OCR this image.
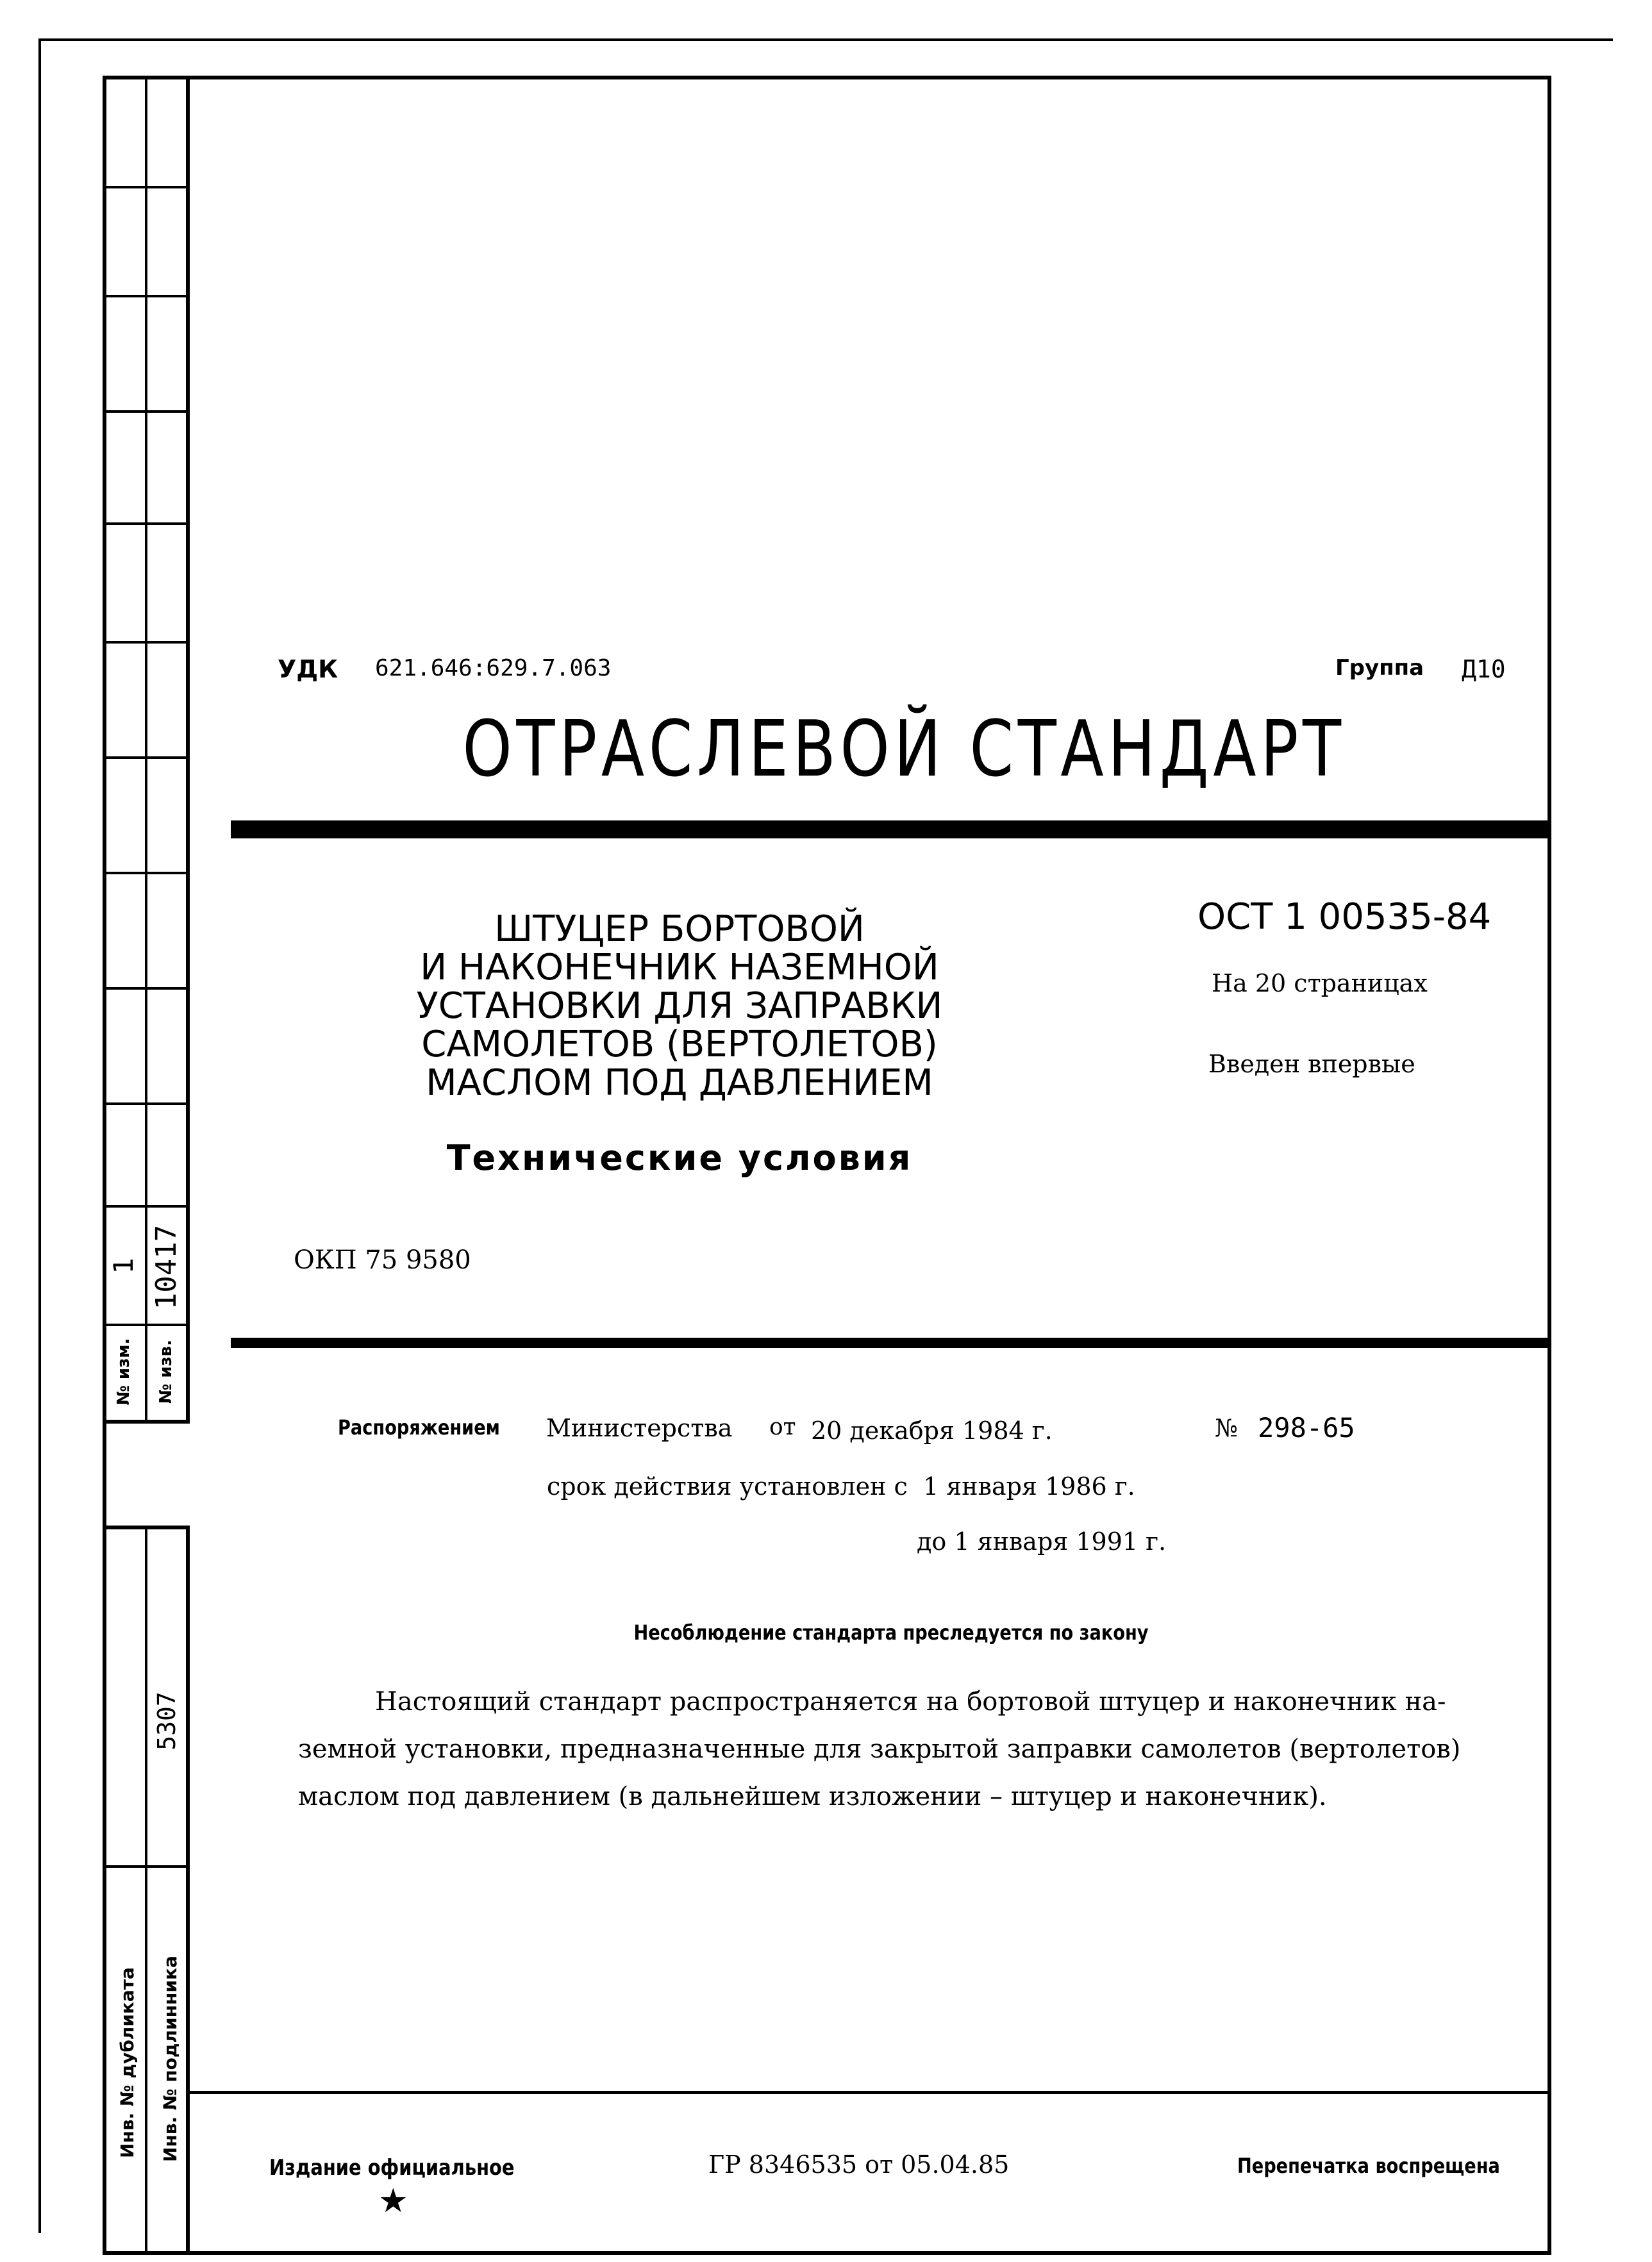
1 10417
№ изм. № изв.
5307
Инв. № дубликата Инв. № подлинника
УДК 621.646:629.7.063	Группа Д10
ОТРАСЛЕВОЙ СТАНДАРТ
ШТУЦЕР БОРТОВОЙ
И НАКОНЕЧНИК НАЗЕМНОЙ
УСТАНОВКИ ДЛЯ ЗАПРАВКИ
САМОЛЕТОВ (ВЕРТОЛЕТОВ)
МАСЛОМ ПОД ДАВЛЕНИЕМ
Технические условия
ОСТ 1 00535-84
На 20 страницах
Введен впервые
ОКП 75 9580
Распоряжением Министерства от 20 декабря 1984 г.	№ 298-65
срок действия установлен с  1 января 1986 г.
до 1 января 1991 г.
Несоблюдение стандарта преследуется по закону
Настоящий стандарт распространяется на бортовой штуцер и наконечник на-
земной установки, предназначенные для закрытой заправки самолетов (вертолетов)
маслом под давлением (в дальнейшем изложении – штуцер и наконечник).
Издание официальное
★
ГР 8346535 от 05.04.85	Перепечатка воспрещена
